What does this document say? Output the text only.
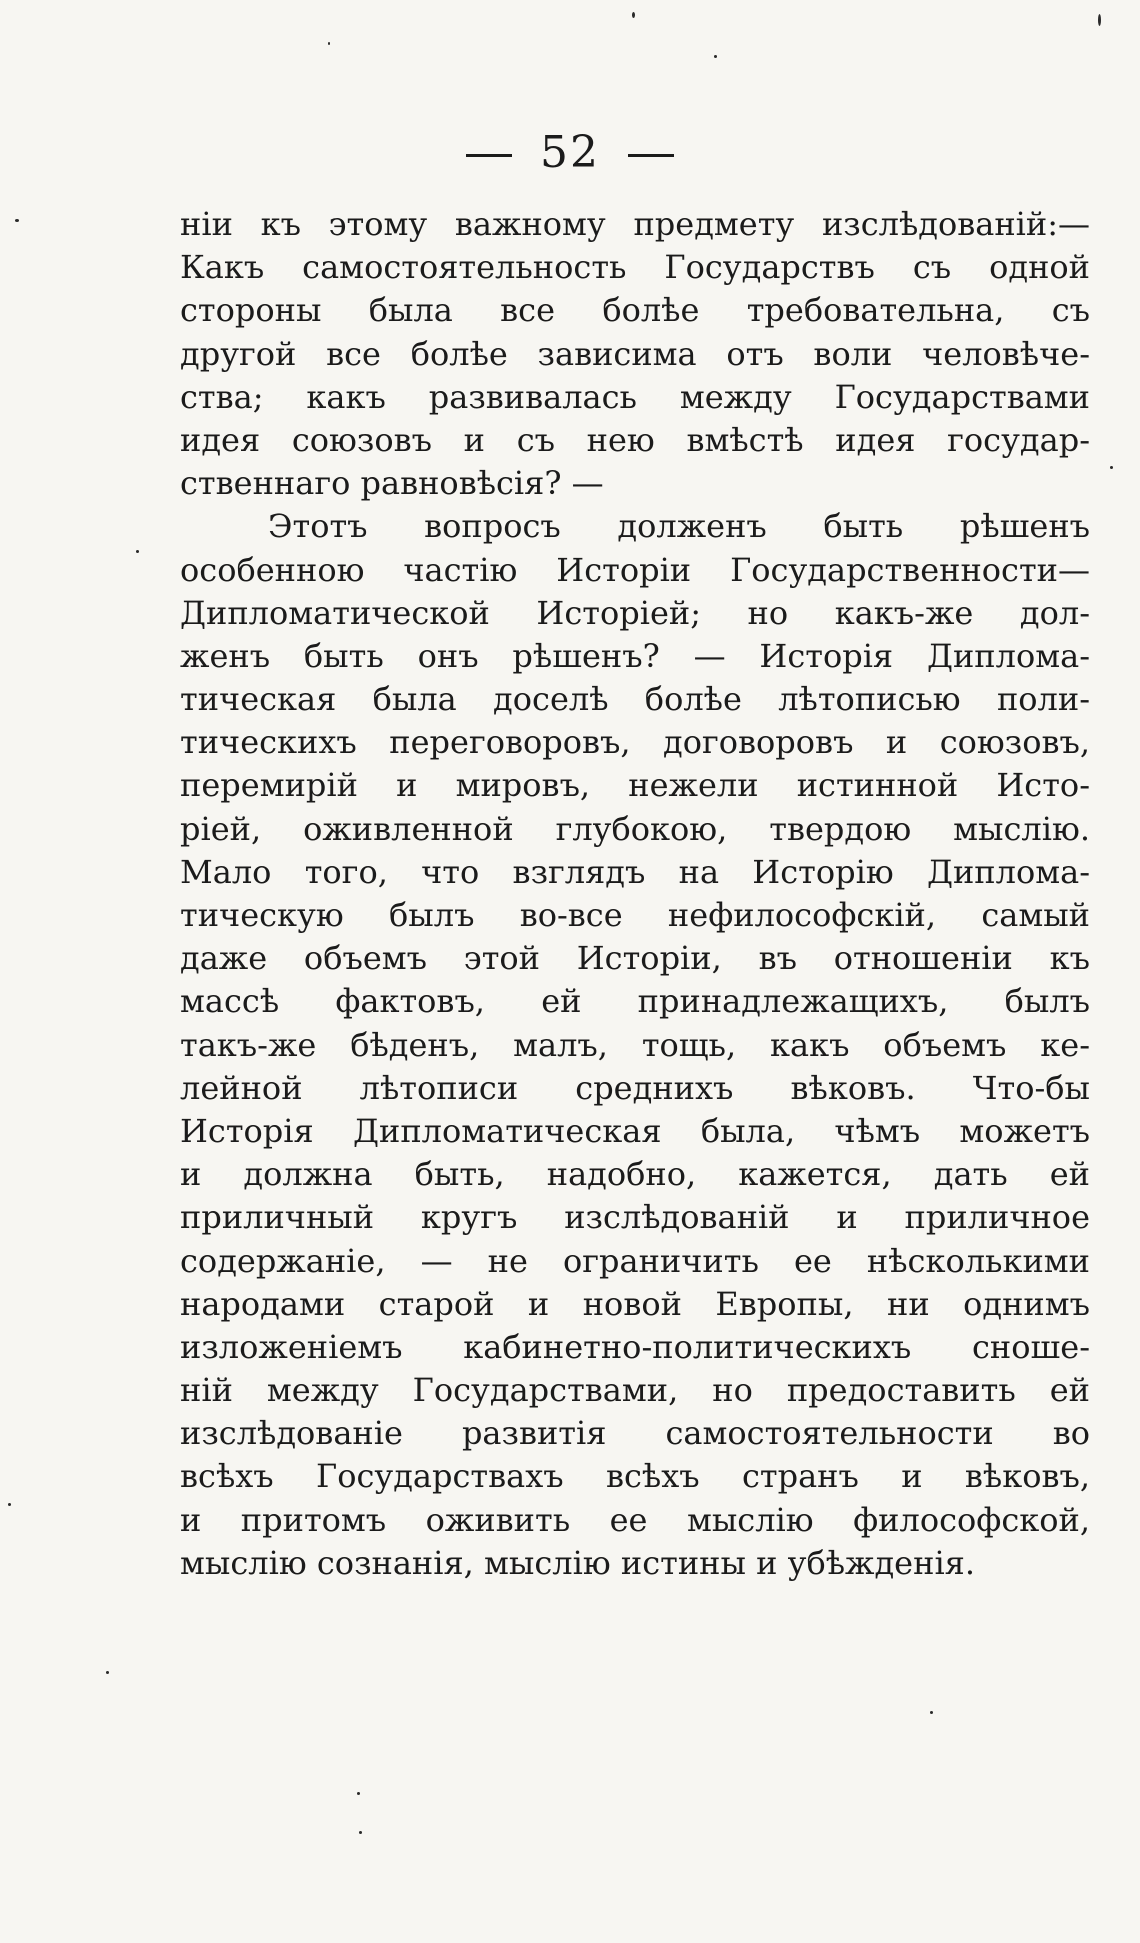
52
ніи къ этому важному предмету изслѣдованій:—
Какъ самостоятельность Государствъ съ одной
стороны была все болѣе требовательна, съ
другой все болѣе зависима отъ воли человѣче-
ства; какъ развивалась между Государствами
идея союзовъ и съ нею вмѣстѣ идея государ-
ственнаго равновѣсія? —
Этотъ вопросъ долженъ быть рѣшенъ
особенною частію Исторіи Государственности—
Дипломатической Исторіей; но какъ-же дол-
женъ быть онъ рѣшенъ? — Исторія Диплома-
тическая была доселѣ болѣе лѣтописью поли-
тическихъ переговоровъ, договоровъ и союзовъ,
перемирій и мировъ, нежели истинной Исто-
ріей, оживленной глубокою, твердою мыслію.
Мало того, что взглядъ на Исторію Диплома-
тическую былъ во-все нефилософскій, самый
даже объемъ этой Исторіи, въ отношеніи къ
массѣ фактовъ, ей принадлежащихъ, былъ
такъ-же бѣденъ, малъ, тощь, какъ объемъ ке-
лейной лѣтописи среднихъ вѣковъ. Что-бы
Исторія Дипломатическая была, чѣмъ можетъ
и должна быть, надобно, кажется, дать ей
приличный кругъ изслѣдованій и приличное
содержаніе, — не ограничить ее нѣсколькими
народами старой и новой Европы, ни однимъ
изложеніемъ кабинетно-политическихъ сноше-
ній между Государствами, но предоставить ей
изслѣдованіе развитія самостоятельности во
всѣхъ Государствахъ всѣхъ странъ и вѣковъ,
и притомъ оживить ее мыслію философской,
мыслію сознанія, мыслію истины и убѣжденія.
